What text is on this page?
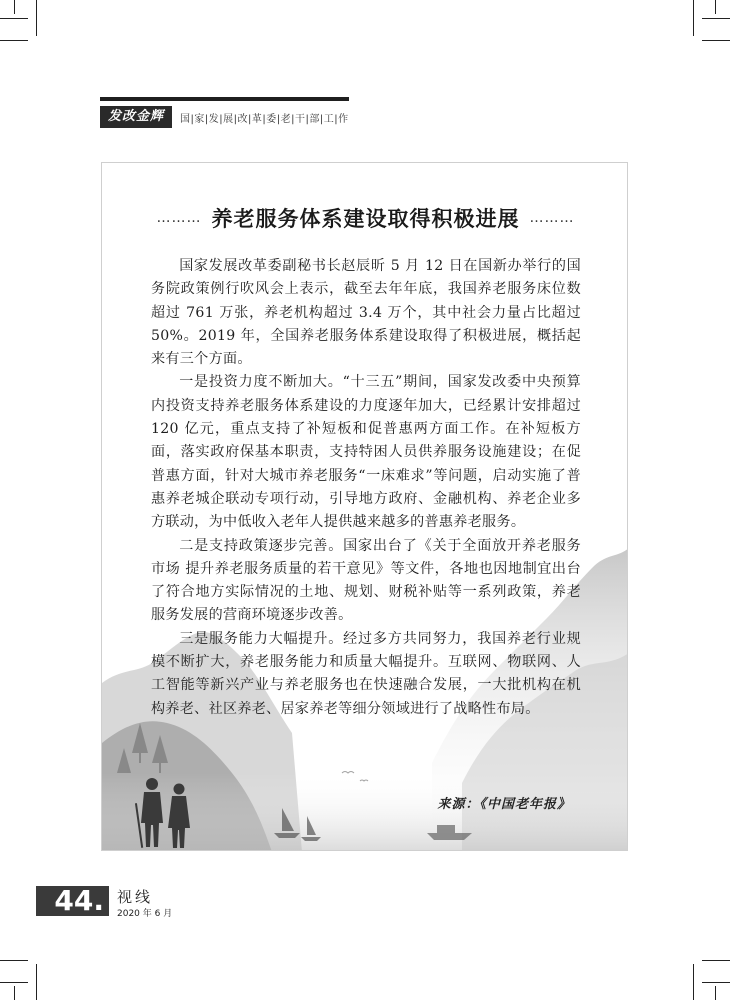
发改金辉	国|家|发|展|改|革|委|老|干|部|工|作
……… 养老服务体系建设取得积极进展 ………

国家发展改革委副秘书长赵辰昕 5 月 12 日在国新办举行的国务院政策例行吹风会上表示，截至去年年底，我国养老服务床位数超过 761 万张，养老机构超过 3.4 万个，其中社会力量占比超过 50%。2019 年，全国养老服务体系建设取得了积极进展，概括起来有三个方面。

一是投资力度不断加大。“十三五”期间，国家发改委中央预算内投资支持养老服务体系建设的力度逐年加大，已经累计安排超过 120 亿元，重点支持了补短板和促普惠两方面工作。在补短板方面，落实政府保基本职责，支持特困人员供养服务设施建设；在促普惠方面，针对大城市养老服务“一床难求”等问题，启动实施了普惠养老城企联动专项行动，引导地方政府、金融机构、养老企业多方联动，为中低收入老年人提供越来越多的普惠养老服务。

二是支持政策逐步完善。国家出台了《关于全面放开养老服务市场 提升养老服务质量的若干意见》等文件，各地也因地制宜出台了符合地方实际情况的土地、规划、财税补贴等一系列政策，养老服务发展的营商环境逐步改善。

三是服务能力大幅提升。经过多方共同努力，我国养老行业规模不断扩大，养老服务能力和质量大幅提升。互联网、物联网、人工智能等新兴产业与养老服务也在快速融合发展，一大批机构在机构养老、社区养老、居家养老等细分领域进行了战略性布局。

来源：《中国老年报》
44. 视线
2020 年 6 月
